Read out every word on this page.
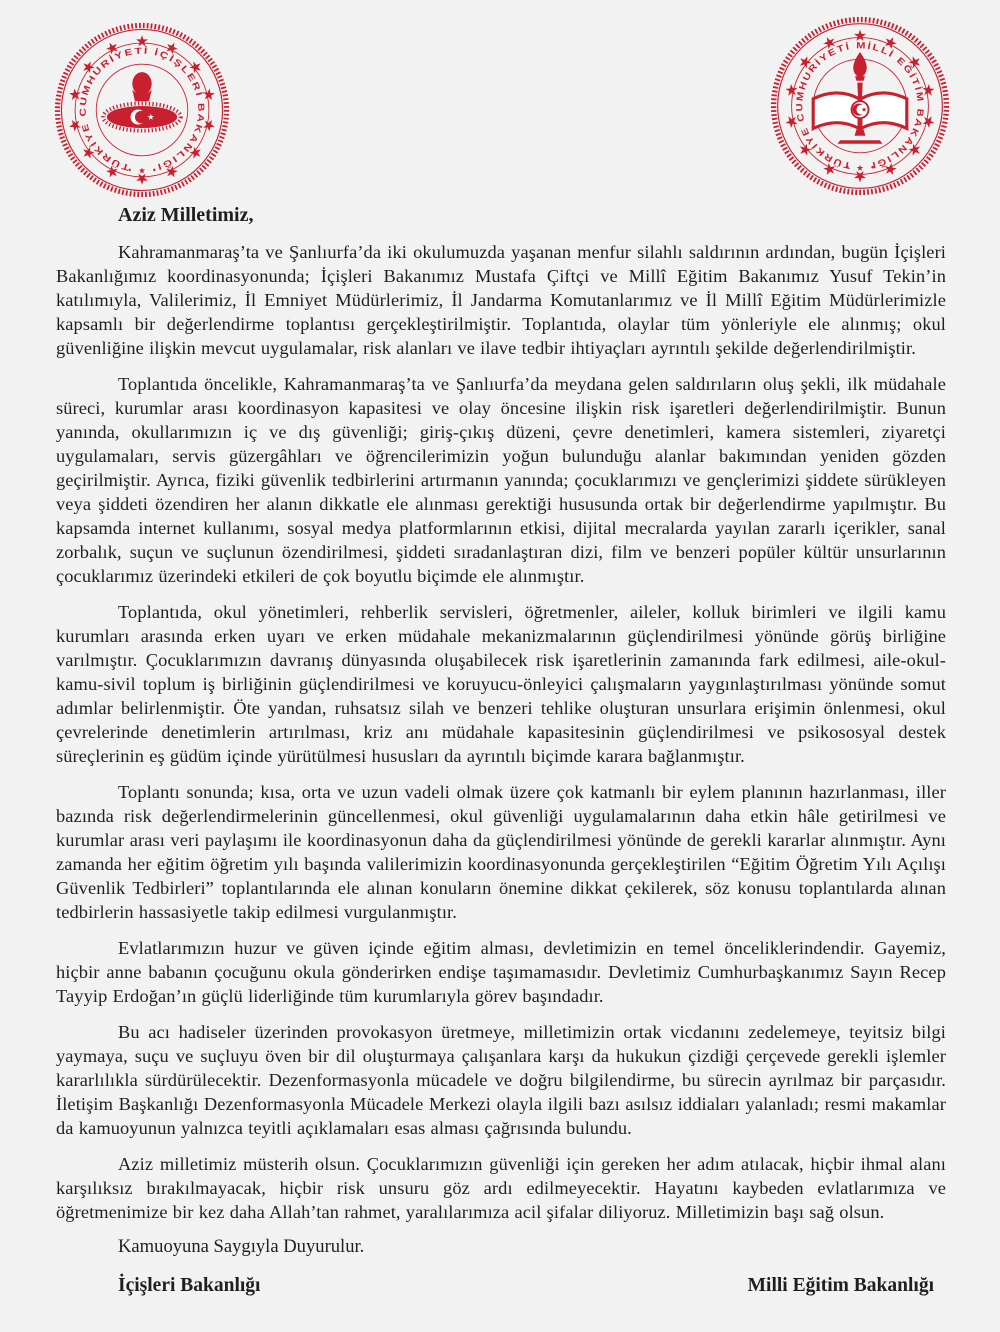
TÜRKİYE CUMHURİYETİ İÇİŞLERİ BAKANLIĞI	TÜRKİYE CUMHURİYETİ MİLLİ EĞİTİM BAKANLIĞI

Aziz Milletimiz,

Kahramanmaraş’ta ve Şanlıurfa’da iki okulumuzda yaşanan menfur silahlı saldırının ardından, bugün İçişleri Bakanlığımız koordinasyonunda; İçişleri Bakanımız Mustafa Çiftçi ve Millî Eğitim Bakanımız Yusuf Tekin’in katılımıyla, Valilerimiz, İl Emniyet Müdürlerimiz, İl Jandarma Komutanlarımız ve İl Millî Eğitim Müdürlerimizle kapsamlı bir değerlendirme toplantısı gerçekleştirilmiştir. Toplantıda, olaylar tüm yönleriyle ele alınmış; okul güvenliğine ilişkin mevcut uygulamalar, risk alanları ve ilave tedbir ihtiyaçları ayrıntılı şekilde değerlendirilmiştir.

Toplantıda öncelikle, Kahramanmaraş’ta ve Şanlıurfa’da meydana gelen saldırıların oluş şekli, ilk müdahale süreci, kurumlar arası koordinasyon kapasitesi ve olay öncesine ilişkin risk işaretleri değerlendirilmiştir. Bunun yanında, okullarımızın iç ve dış güvenliği; giriş-çıkış düzeni, çevre denetimleri, kamera sistemleri, ziyaretçi uygulamaları, servis güzergâhları ve öğrencilerimizin yoğun bulunduğu alanlar bakımından yeniden gözden geçirilmiştir. Ayrıca, fiziki güvenlik tedbirlerini artırmanın yanında; çocuklarımızı ve gençlerimizi şiddete sürükleyen veya şiddeti özendiren her alanın dikkatle ele alınması gerektiği hususunda ortak bir değerlendirme yapılmıştır. Bu kapsamda internet kullanımı, sosyal medya platformlarının etkisi, dijital mecralarda yayılan zararlı içerikler, sanal zorbalık, suçun ve suçlunun özendirilmesi, şiddeti sıradanlaştıran dizi, film ve benzeri popüler kültür unsurlarının çocuklarımız üzerindeki etkileri de çok boyutlu biçimde ele alınmıştır.

Toplantıda, okul yönetimleri, rehberlik servisleri, öğretmenler, aileler, kolluk birimleri ve ilgili kamu kurumları arasında erken uyarı ve erken müdahale mekanizmalarının güçlendirilmesi yönünde görüş birliğine varılmıştır. Çocuklarımızın davranış dünyasında oluşabilecek risk işaretlerinin zamanında fark edilmesi, aile-okul-kamu-sivil toplum iş birliğinin güçlendirilmesi ve koruyucu-önleyici çalışmaların yaygınlaştırılması yönünde somut adımlar belirlenmiştir. Öte yandan, ruhsatsız silah ve benzeri tehlike oluşturan unsurlara erişimin önlenmesi, okul çevrelerinde denetimlerin artırılması, kriz anı müdahale kapasitesinin güçlendirilmesi ve psikososyal destek süreçlerinin eş güdüm içinde yürütülmesi hususları da ayrıntılı biçimde karara bağlanmıştır.

Toplantı sonunda; kısa, orta ve uzun vadeli olmak üzere çok katmanlı bir eylem planının hazırlanması, iller bazında risk değerlendirmelerinin güncellenmesi, okul güvenliği uygulamalarının daha etkin hâle getirilmesi ve kurumlar arası veri paylaşımı ile koordinasyonun daha da güçlendirilmesi yönünde de gerekli kararlar alınmıştır. Aynı zamanda her eğitim öğretim yılı başında valilerimizin koordinasyonunda gerçekleştirilen “Eğitim Öğretim Yılı Açılışı Güvenlik Tedbirleri” toplantılarında ele alınan konuların önemine dikkat çekilerek, söz konusu toplantılarda alınan tedbirlerin hassasiyetle takip edilmesi vurgulanmıştır.

Evlatlarımızın huzur ve güven içinde eğitim alması, devletimizin en temel önceliklerindendir. Gayemiz, hiçbir anne babanın çocuğunu okula gönderirken endişe taşımamasıdır. Devletimiz Cumhurbaşkanımız Sayın Recep Tayyip Erdoğan’ın güçlü liderliğinde tüm kurumlarıyla görev başındadır.

Bu acı hadiseler üzerinden provokasyon üretmeye, milletimizin ortak vicdanını zedelemeye, teyitsiz bilgi yaymaya, suçu ve suçluyu öven bir dil oluşturmaya çalışanlara karşı da hukukun çizdiği çerçevede gerekli işlemler kararlılıkla sürdürülecektir. Dezenformasyonla mücadele ve doğru bilgilendirme, bu sürecin ayrılmaz bir parçasıdır. İletişim Başkanlığı Dezenformasyonla Mücadele Merkezi olayla ilgili bazı asılsız iddiaları yalanladı; resmi makamlar da kamuoyunun yalnızca teyitli açıklamaları esas alması çağrısında bulundu.

Aziz milletimiz müsterih olsun. Çocuklarımızın güvenliği için gereken her adım atılacak, hiçbir ihmal alanı karşılıksız bırakılmayacak, hiçbir risk unsuru göz ardı edilmeyecektir. Hayatını kaybeden evlatlarımıza ve öğretmenimize bir kez daha Allah’tan rahmet, yaralılarımıza acil şifalar diliyoruz. Milletimizin başı sağ olsun.

Kamuoyuna Saygıyla Duyurulur.

İçişleri Bakanlığı	Milli Eğitim Bakanlığı
